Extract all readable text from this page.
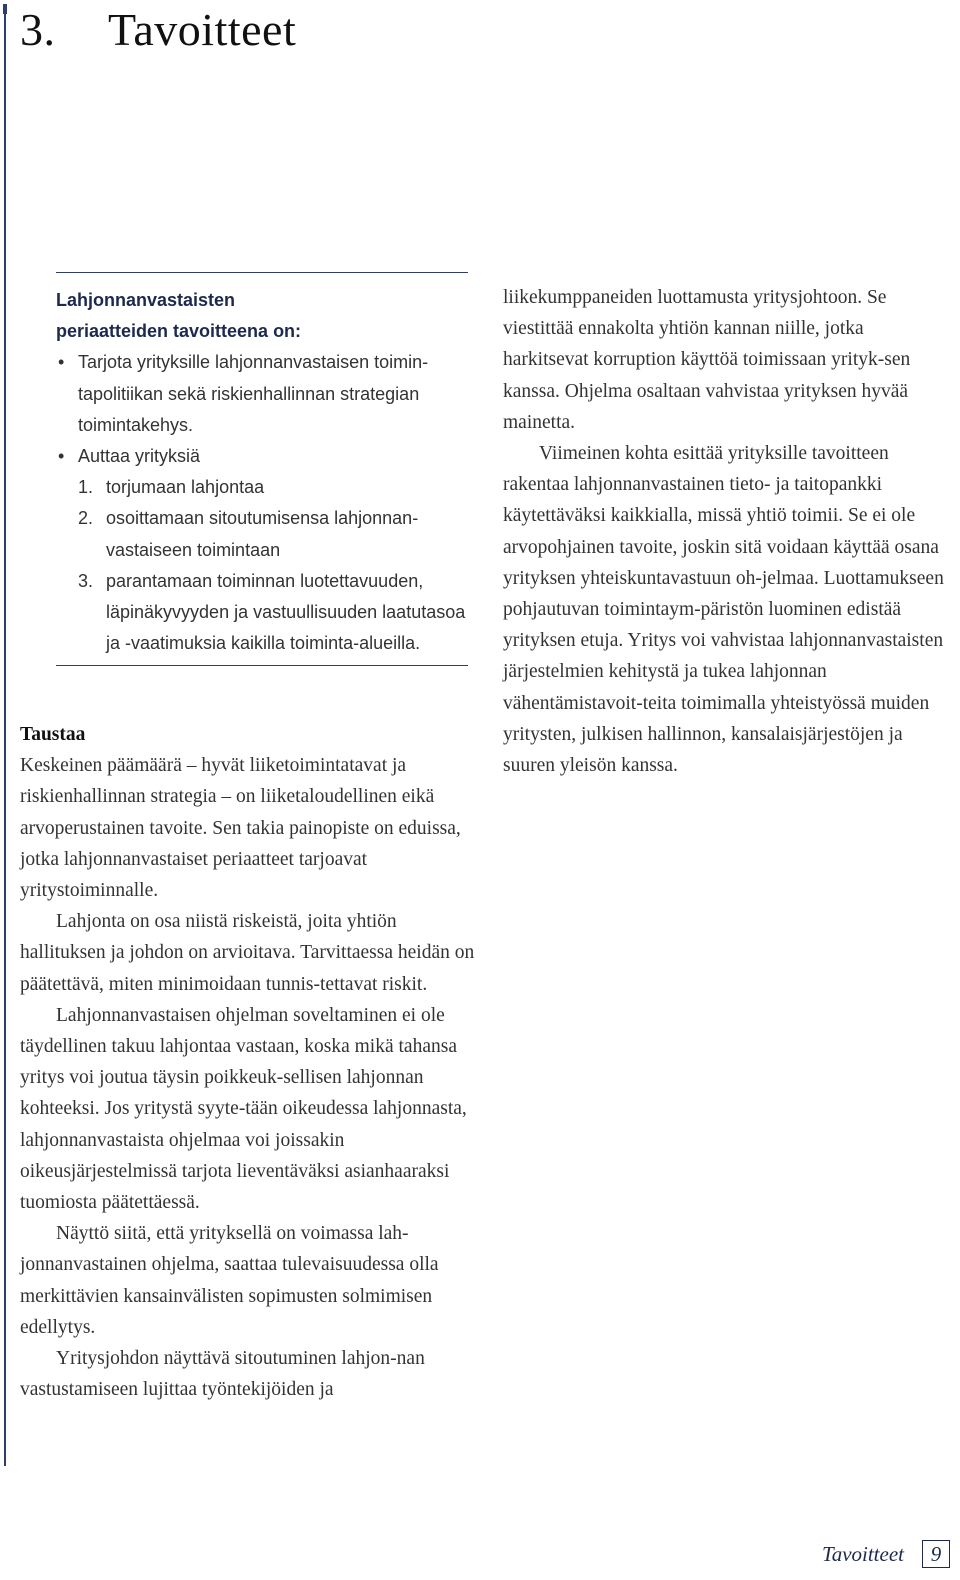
3. Tavoitteet

Lahjonnanvastaisten

periaatteiden tavoitteena on:

• Tarjota yrityksille lahjonnanvastaisen toimin-tapolitiikan sekä riskienhallinnan strategian toimintakehys.
• Auttaa yrityksiä
1. torjumaan lahjontaa
2. osoittamaan sitoutumisensa lahjonnan-vastaiseen toimintaan
3. parantamaan toiminnan luotettavuuden, läpinäkyvyyden ja vastuullisuuden laatutasoa ja -vaatimuksia kaikilla toiminta-alueilla.
Taustaa

Keskeinen päämäärä – hyvät liiketoimintatavat ja riskienhallinnan strategia – on liiketaloudellinen eikä arvoperustainen tavoite. Sen takia painopiste on eduissa, jotka lahjonnanvastaiset periaatteet tarjoavat yritystoiminnalle.

Lahjonta on osa niistä riskeistä, joita yhtiön hallituksen ja johdon on arvioitava. Tarvittaessa heidän on päätettävä, miten minimoidaan tunnis-tettavat riskit.

Lahjonnanvastaisen ohjelman soveltaminen ei ole täydellinen takuu lahjontaa vastaan, koska mikä tahansa yritys voi joutua täysin poikkeuk-sellisen lahjonnan kohteeksi. Jos yritystä syyte-tään oikeudessa lahjonnasta, lahjonnanvastaista ohjelmaa voi joissakin oikeusjärjestelmissä tarjota lieventäväksi asianhaaraksi tuomiosta päätettäessä.

Näyttö siitä, että yrityksellä on voimassa lah-jonnanvastainen ohjelma, saattaa tulevaisuudessa olla merkittävien kansainvälisten sopimusten solmimisen edellytys.

Yritysjohdon näyttävä sitoutuminen lahjon-nan vastustamiseen lujittaa työntekijöiden ja

liikekumppaneiden luottamusta yritysjohtoon. Se viestittää ennakolta yhtiön kannan niille, jotka harkitsevat korruption käyttöä toimissaan yrityk-sen kanssa. Ohjelma osaltaan vahvistaa yrityksen hyvää mainetta.

Viimeinen kohta esittää yrityksille tavoitteen rakentaa lahjonnanvastainen tieto- ja taitopankki käytettäväksi kaikkialla, missä yhtiö toimii. Se ei ole arvopohjainen tavoite, joskin sitä voidaan käyttää osana yrityksen yhteiskuntavastuun oh-jelmaa. Luottamukseen pohjautuvan toimintaym-päristön luominen edistää yrityksen etuja. Yritys voi vahvistaa lahjonnanvastaisten järjestelmien kehitystä ja tukea lahjonnan vähentämistavoit-teita toimimalla yhteistyössä muiden yritysten, julkisen hallinnon, kansalaisjärjestöjen ja suuren yleisön kanssa.

Tavoitteet	9
